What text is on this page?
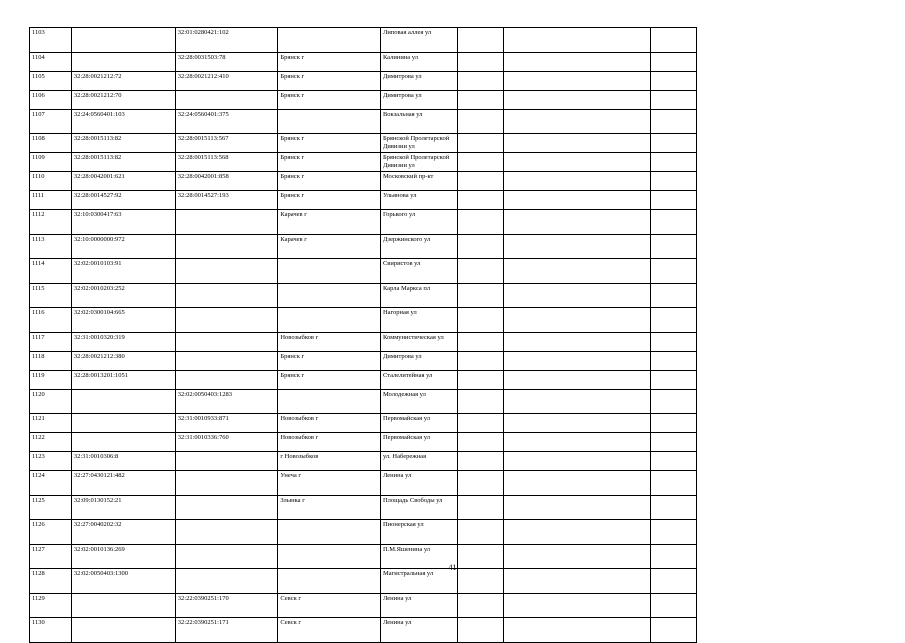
1103		32:01:0280421:102				Липовая аллея ул					
1104		32:28:0031503:78		Брянск г		Калинина ул					
1105	32:28:0021212:72	32:28:0021212:410		Брянск г		Димитрова ул					
1106	32:28:0021212:70			Брянск г		Димитрова ул					
1107	32:24:0560401:103	32:24:0560401:375				Вокзальная ул					
1108	32:28:0015113:82	32:28:0015113:567		Брянск г		Брянской Пролетарской Дивизии ул					
1109	32:28:0015113:82	32:28:0015113:568		Брянск г		Брянской Пролетарской Дивизии ул					
1110	32:28:0042001:621	32:28:0042001:858		Брянск г		Московский пр-кт					
1111	32:28:0014527:92	32:28:0014527:193		Брянск г		Ульянова ул					
1112	32:10:0300417:63			Карачев г		Горького ул					
1113	32:10:0000000:972			Карачев г		Дзержинского ул					
1114	32:02:0010103:91					Свиристов ул					
1115	32:02:0010203:252					Карла Маркса пл					
1116	32:02:0300104:665					Нагорная ул					
1117	32:31:0010320:319			Новозыбков г		Коммунистическая ул					
1118	32:28:0021212:380			Брянск г		Димитрова ул					
1119	32:28:0013201:1051			Брянск г		Сталелитейная ул					
1120		32:02:0050403:1283				Молодежная ул					
1121		32:31:0010933:871		Новозыбков г		Первомайская ул					
1122		32:31:0010336:760		Новозыбков г		Первомайская ул					
1123	32:31:0010306:8			г Новозыбков		ул. Набережная					
1124	32:27:0430121:482			Унеча г		Ленина ул					
1125	32:09:0130152:21			Злынка г		Площадь Свободы ул					
1126	32:27:0040202:32					Пионерская ул					
1127	32:02:0010136:269					П.М.Яшенина ул					
1128	32:02:0050403:1300					Магистральная ул					
1129		32:22:0390251:170		Севск г		Ленина ул					
1130		32:22:0390251:171		Севск г		Ленина ул					
41
